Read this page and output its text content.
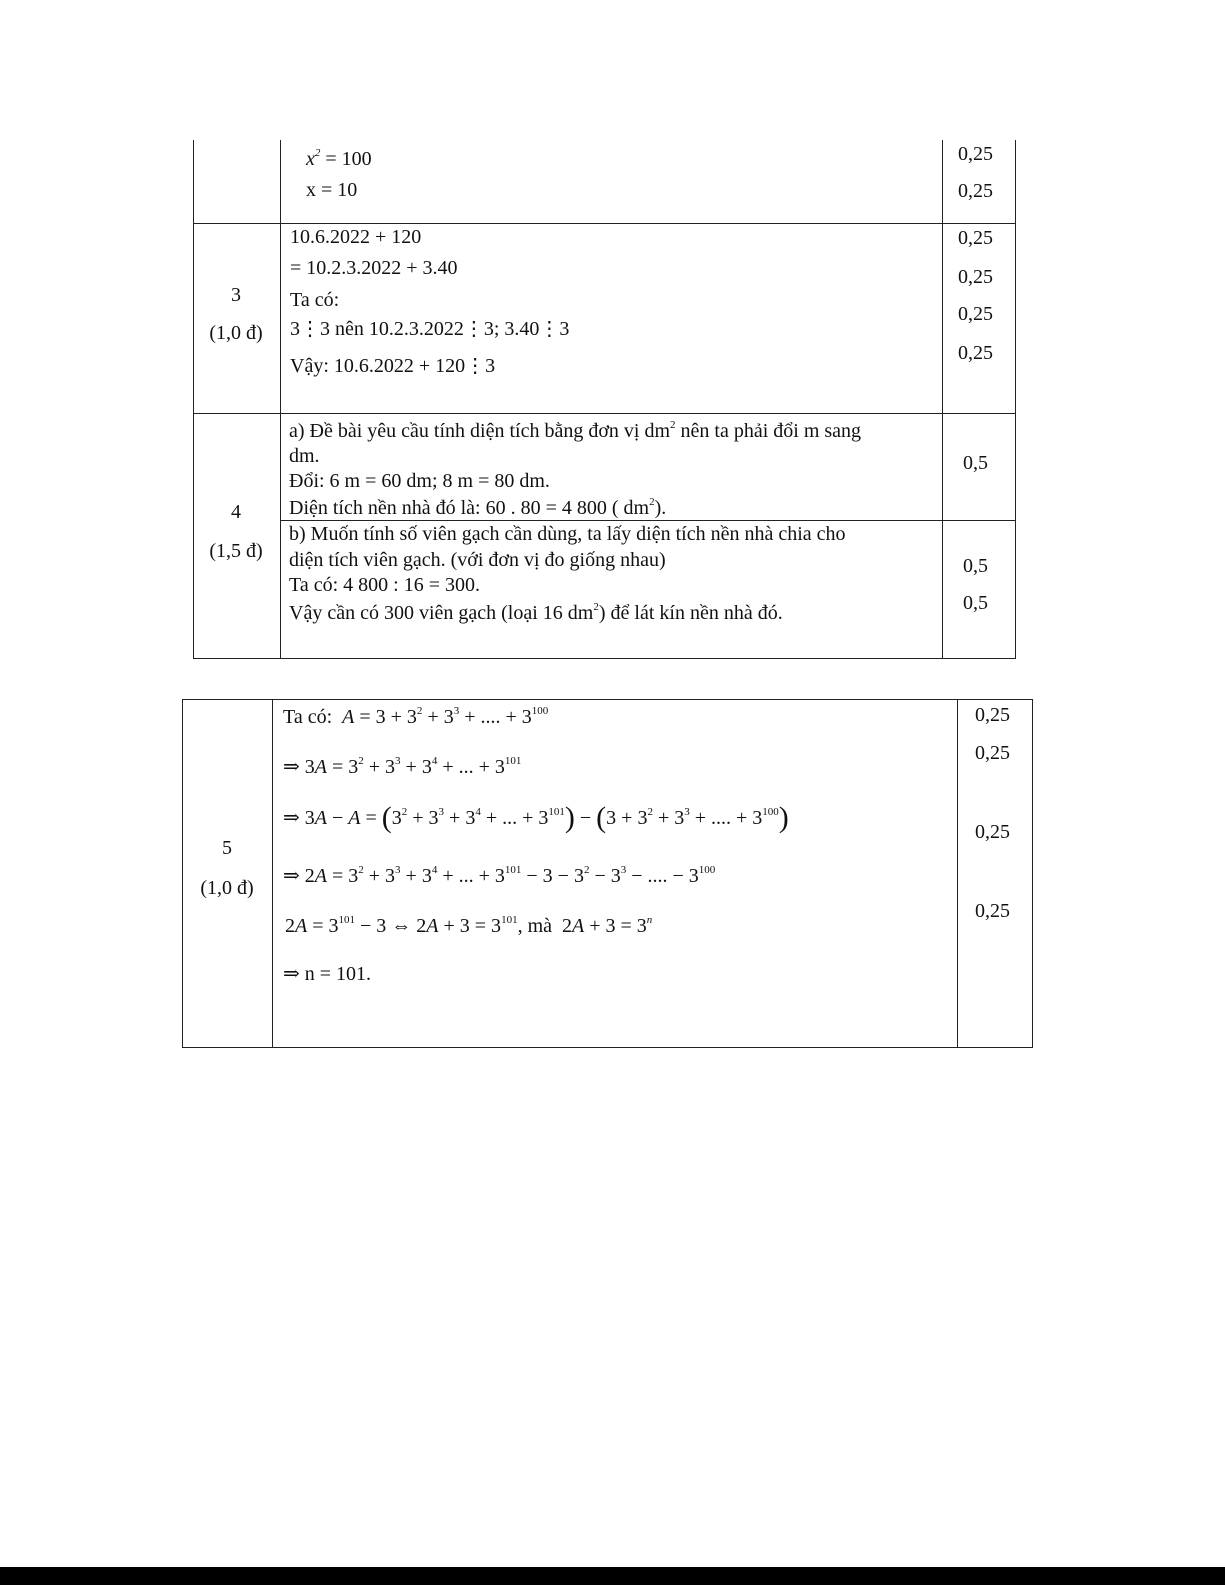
$x^2 = 100$
x = 10
0,25
0,25
3
(1,0 đ)
10.6.2022 + 120
= 10.2.3.2022 + 3.40
Ta có:
3⋮3 nên 10.2.3.2022⋮3; 3.40⋮3
Vậy: 10.6.2022 + 120⋮3
0,25
0,25
0,25
0,25
4
(1,5 đ)
a) Đề bài yêu cầu tính diện tích bằng đơn vị $dm^2$ nên ta phải đổi m sang
dm.
Đổi: 6 m = 60 dm; 8 m = 80 dm.
Diện tích nền nhà đó là: 60 . 80 = 4 800 ( $dm^2$).
0,5
b) Muốn tính số viên gạch cần dùng, ta lấy diện tích nền nhà chia cho
diện tích viên gạch. (với đơn vị đo giống nhau)
Ta có: 4 800 : 16 = 300.
Vậy cần có 300 viên gạch (loại 16 $dm^2$) để lát kín nền nhà đó.
0,5
0,5
5
(1,0 đ)
Ta có: $A = 3 + 3^2 + 3^3$ + .... + $3^{100}$
⇒ $3A = 3^2 + 3^3 + 3^4$ + ... + $3^{101}$
⇒ $3A - A = (3^2 + 3^3 + 3^4$ + ... + $3^{101}) - (3 + 3^2 + 3^3$ + .... + $3^{100}$)
⇒ $2A = 3^2 + 3^3 + 3^4$ + ... + $3^{101} - 3 - 3^2 - 3^3$ − .... − $3^{100}$
$2A = 3^{101} - 3$ ⇔ $2A + 3 = 3^{101}$, mà  $2A + 3 = 3^n$
⇒ n = 101.
0,25
0,25
0,25
0,25
